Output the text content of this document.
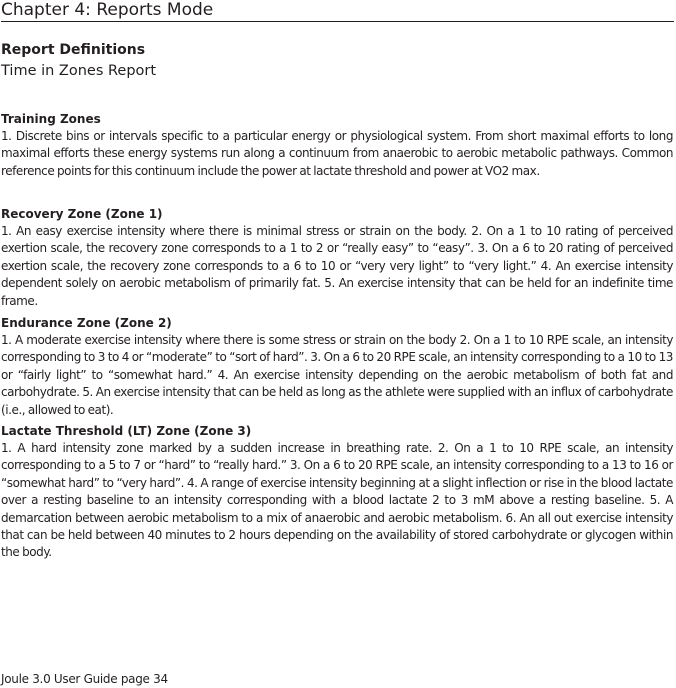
Chapter 4: Reports Mode
Report Definitions
Time in Zones Report

Training Zones

1. Discrete bins or intervals specific to a particular energy or physiological system. From short maximal efforts to long maximal efforts these energy systems run along a continuum from anaerobic to aerobic metabolic pathways. Common reference points for this continuum include the power at lactate threshold and power at VO2 max.

Recovery Zone (Zone 1)

1. An easy exercise intensity where there is minimal stress or strain on the body. 2. On a 1 to 10 rating of perceived exertion scale, the recovery zone corresponds to a 1 to 2 or “really easy” to “easy”. 3. On a 6 to 20 rating of perceived exertion scale, the recovery zone corresponds to a 6 to 10 or “very very light” to “very light.” 4. An exercise intensity dependent solely on aerobic metabolism of primarily fat. 5. An exercise intensity that can be held for an indefinite time frame.

Endurance Zone (Zone 2)

1. A moderate exercise intensity where there is some stress or strain on the body 2. On a 1 to 10 RPE scale, an intensity corresponding to 3 to 4 or “moderate” to “sort of hard”. 3. On a 6 to 20 RPE scale, an intensity corresponding to a 10 to 13 or “fairly light” to “somewhat hard.” 4. An exercise intensity depending on the aerobic metabolism of both fat and carbohydrate. 5. An exercise intensity that can be held as long as the athlete were supplied with an influx of carbohydrate (i.e., allowed to eat).

Lactate Threshold (LT) Zone (Zone 3)

1. A hard intensity zone marked by a sudden increase in breathing rate. 2. On a 1 to 10 RPE scale, an intensity corresponding to a 5 to 7 or “hard” to “really hard.” 3. On a 6 to 20 RPE scale, an intensity corresponding to a 13 to 16 or “somewhat hard” to “very hard”. 4. A range of exercise intensity beginning at a slight inflection or rise in the blood lactate over a resting baseline to an intensity corresponding with a blood lactate 2 to 3 mM above a resting baseline. 5. A demarcation between aerobic metabolism to a mix of anaerobic and aerobic metabolism. 6. An all out exercise intensity that can be held between 40 minutes to 2 hours depending on the availability of stored carbohydrate or glycogen within the body.

Joule 3.0 User Guide page 34
